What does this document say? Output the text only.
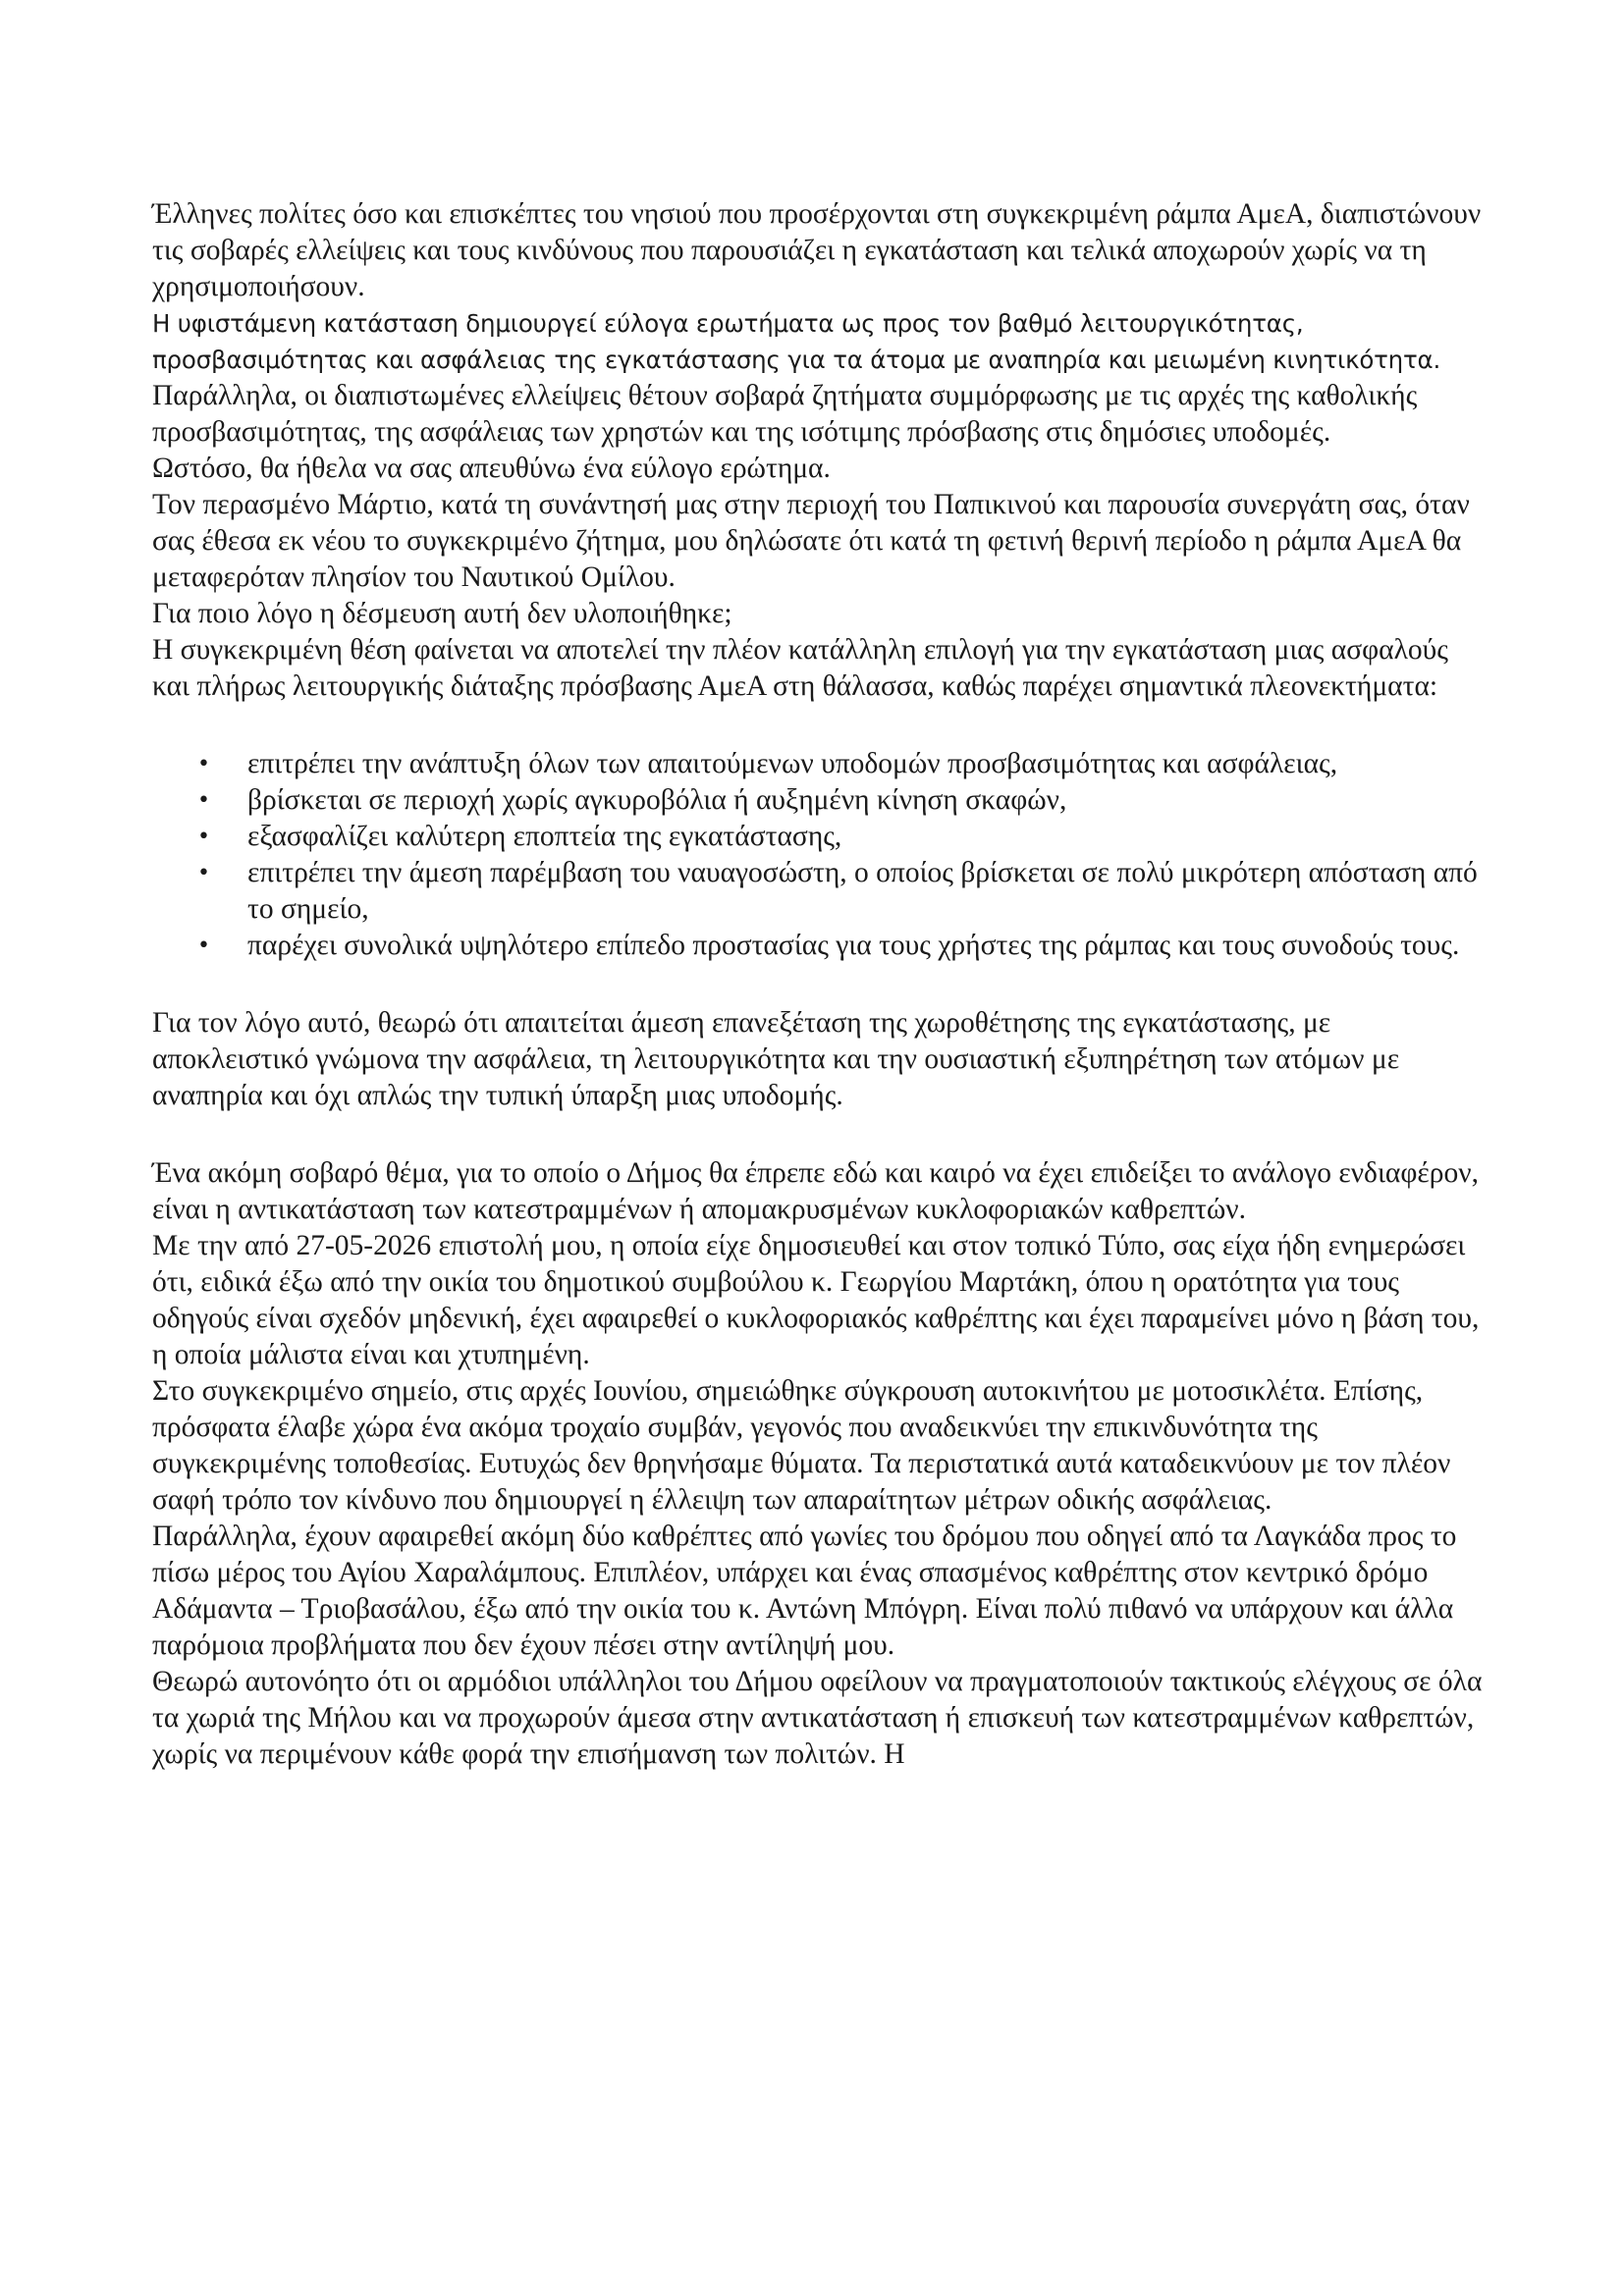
Έλληνες πολίτες όσο και επισκέπτες του νησιού που προσέρχονται στη συγκεκριμένη ράμπα ΑμεΑ, διαπιστώνουν τις σοβαρές ελλείψεις και τους κινδύνους που παρουσιάζει η εγκατάσταση και τελικά αποχωρούν χωρίς να τη χρησιμοποιήσουν.

Η υφιστάμενη κατάσταση δημιουργεί εύλογα ερωτήματα ως προς τον βαθμό λειτουργικότητας, προσβασιμότητας και ασφάλειας της εγκατάστασης για τα άτομα με αναπηρία και μειωμένη κινητικότητα.

Παράλληλα, οι διαπιστωμένες ελλείψεις θέτουν σοβαρά ζητήματα συμμόρφωσης με τις αρχές της καθολικής προσβασιμότητας, της ασφάλειας των χρηστών και της ισότιμης πρόσβασης στις δημόσιες υποδομές.

Ωστόσο, θα ήθελα να σας απευθύνω ένα εύλογο ερώτημα.

Τον περασμένο Μάρτιο, κατά τη συνάντησή μας στην περιοχή του Παπικινού και παρουσία συνεργάτη σας, όταν σας έθεσα εκ νέου το συγκεκριμένο ζήτημα, μου δηλώσατε ότι κατά τη φετινή θερινή περίοδο η ράμπα ΑμεΑ θα μεταφερόταν πλησίον του Ναυτικού Ομίλου.

Για ποιο λόγο η δέσμευση αυτή δεν υλοποιήθηκε;

Η συγκεκριμένη θέση φαίνεται να αποτελεί την πλέον κατάλληλη επιλογή για την εγκατάσταση μιας ασφαλούς και πλήρως λειτουργικής διάταξης πρόσβασης ΑμεΑ στη θάλασσα, καθώς παρέχει σημαντικά πλεονεκτήματα:

• επιτρέπει την ανάπτυξη όλων των απαιτούμενων υποδομών προσβασιμότητας και ασφάλειας,
• βρίσκεται σε περιοχή χωρίς αγκυροβόλια ή αυξημένη κίνηση σκαφών,
• εξασφαλίζει καλύτερη εποπτεία της εγκατάστασης,
• επιτρέπει την άμεση παρέμβαση του ναυαγοσώστη, ο οποίος βρίσκεται σε πολύ μικρότερη απόσταση από το σημείο,
• παρέχει συνολικά υψηλότερο επίπεδο προστασίας για τους χρήστες της ράμπας και τους συνοδούς τους.

Για τον λόγο αυτό, θεωρώ ότι απαιτείται άμεση επανεξέταση της χωροθέτησης της εγκατάστασης, με αποκλειστικό γνώμονα την ασφάλεια, τη λειτουργικότητα και την ουσιαστική εξυπηρέτηση των ατόμων με αναπηρία και όχι απλώς την τυπική ύπαρξη μιας υποδομής.

Ένα ακόμη σοβαρό θέμα, για το οποίο ο Δήμος θα έπρεπε εδώ και καιρό να έχει επιδείξει το ανάλογο ενδιαφέρον, είναι η αντικατάσταση των κατεστραμμένων ή απομακρυσμένων κυκλοφοριακών καθρεπτών.

Με την από 27-05-2026 επιστολή μου, η οποία είχε δημοσιευθεί και στον τοπικό Τύπο, σας είχα ήδη ενημερώσει ότι, ειδικά έξω από την οικία του δημοτικού συμβούλου κ. Γεωργίου Μαρτάκη, όπου η ορατότητα για τους οδηγούς είναι σχεδόν μηδενική, έχει αφαιρεθεί ο κυκλοφοριακός καθρέπτης και έχει παραμείνει μόνο η βάση του, η οποία μάλιστα είναι και χτυπημένη.

Στο συγκεκριμένο σημείο, στις αρχές Ιουνίου, σημειώθηκε σύγκρουση αυτοκινήτου με μοτοσικλέτα. Επίσης, πρόσφατα έλαβε χώρα ένα ακόμα τροχαίο συμβάν, γεγονός που αναδεικνύει την επικινδυνότητα της συγκεκριμένης τοποθεσίας. Ευτυχώς δεν θρηνήσαμε θύματα. Τα περιστατικά αυτά καταδεικνύουν με τον πλέον σαφή τρόπο τον κίνδυνο που δημιουργεί η έλλειψη των απαραίτητων μέτρων οδικής ασφάλειας.

Παράλληλα, έχουν αφαιρεθεί ακόμη δύο καθρέπτες από γωνίες του δρόμου που οδηγεί από τα Λαγκάδα προς το πίσω μέρος του Αγίου Χαραλάμπους. Επιπλέον, υπάρχει και ένας σπασμένος καθρέπτης στον κεντρικό δρόμο Αδάμαντα – Τριοβασάλου, έξω από την οικία του κ. Αντώνη Μπόγρη. Είναι πολύ πιθανό να υπάρχουν και άλλα παρόμοια προβλήματα που δεν έχουν πέσει στην αντίληψή μου.

Θεωρώ αυτονόητο ότι οι αρμόδιοι υπάλληλοι του Δήμου οφείλουν να πραγματοποιούν τακτικούς ελέγχους σε όλα τα χωριά της Μήλου και να προχωρούν άμεσα στην αντικατάσταση ή επισκευή των κατεστραμμένων καθρεπτών, χωρίς να περιμένουν κάθε φορά την επισήμανση των πολιτών. Η
